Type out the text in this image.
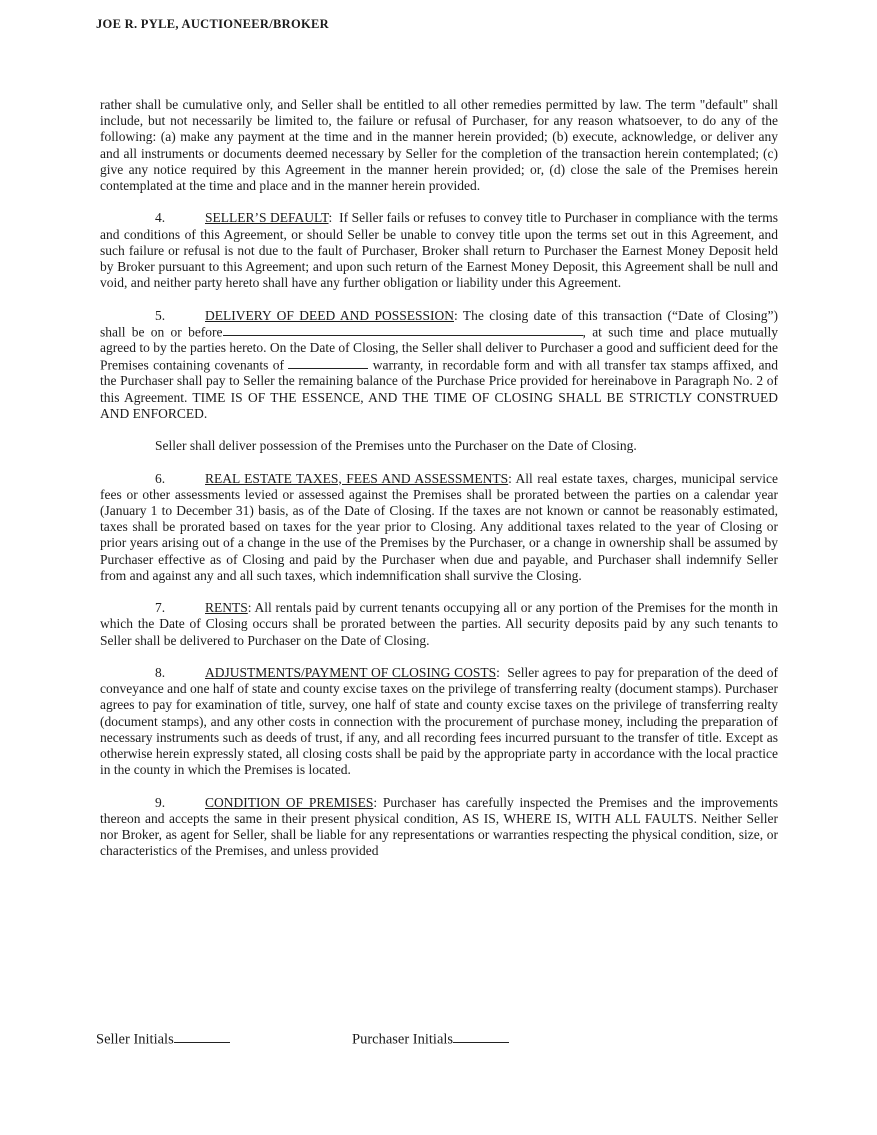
JOE R. PYLE, AUCTIONEER/BROKER

rather shall be cumulative only, and Seller shall be entitled to all other remedies permitted by law. The term "default" shall include, but not necessarily be limited to, the failure or refusal of Purchaser, for any reason whatsoever, to do any of the following: (a) make any payment at the time and in the manner herein provided; (b) execute, acknowledge, or deliver any and all instruments or documents deemed necessary by Seller for the completion of the transaction herein contemplated; (c) give any notice required by this Agreement in the manner herein provided; or, (d) close the sale of the Premises herein contemplated at the time and place and in the manner herein provided.

4.	SELLER’S DEFAULT:  If Seller fails or refuses to convey title to Purchaser in compliance with the terms and conditions of this Agreement, or should Seller be unable to convey title upon the terms set out in this Agreement, and such failure or refusal is not due to the fault of Purchaser, Broker shall return to Purchaser the Earnest Money Deposit held by Broker pursuant to this Agreement; and upon such return of the Earnest Money Deposit, this Agreement shall be null and void, and neither party hereto shall have any further obligation or liability under this Agreement.

5.	DELIVERY OF DEED AND POSSESSION: The closing date of this transaction (“Date of Closing”) shall be on or before	, at such time and place mutually agreed to by the parties hereto. On the Date of Closing, the Seller shall deliver to Purchaser a good and sufficient deed for the Premises containing covenants of	warranty, in recordable form and with all transfer tax stamps affixed, and the Purchaser shall pay to Seller the remaining balance of the Purchase Price provided for hereinabove in Paragraph No. 2 of this Agreement. TIME IS OF THE ESSENCE, AND THE TIME OF CLOSING SHALL BE STRICTLY CONSTRUED AND ENFORCED.

Seller shall deliver possession of the Premises unto the Purchaser on the Date of Closing.

6.	REAL ESTATE TAXES, FEES AND ASSESSMENTS: All real estate taxes, charges, municipal service fees or other assessments levied or assessed against the Premises shall be prorated between the parties on a calendar year (January 1 to December 31) basis, as of the Date of Closing. If the taxes are not known or cannot be reasonably estimated, taxes shall be prorated based on taxes for the year prior to Closing. Any additional taxes related to the year of Closing or prior years arising out of a change in the use of the Premises by the Purchaser, or a change in ownership shall be assumed by Purchaser effective as of Closing and paid by the Purchaser when due and payable, and Purchaser shall indemnify Seller from and against any and all such taxes, which indemnification shall survive the Closing.

7.	RENTS: All rentals paid by current tenants occupying all or any portion of the Premises for the month in which the Date of Closing occurs shall be prorated between the parties. All security deposits paid by any such tenants to Seller shall be delivered to Purchaser on the Date of Closing.

8.	ADJUSTMENTS/PAYMENT OF CLOSING COSTS:  Seller agrees to pay for preparation of the deed of conveyance and one half of state and county excise taxes on the privilege of transferring realty (document stamps). Purchaser agrees to pay for examination of title, survey, one half of state and county excise taxes on the privilege of transferring realty (document stamps), and any other costs in connection with the procurement of purchase money, including the preparation of necessary instruments such as deeds of trust, if any, and all recording fees incurred pursuant to the transfer of title. Except as otherwise herein expressly stated, all closing costs shall be paid by the appropriate party in accordance with the local practice in the county in which the Premises is located.

9.	CONDITION OF PREMISES: Purchaser has carefully inspected the Premises and the improvements thereon and accepts the same in their present physical condition, AS IS, WHERE IS, WITH ALL FAULTS. Neither Seller nor Broker, as agent for Seller, shall be liable for any representations or warranties respecting the physical condition, size, or characteristics of the Premises, and unless provided

Seller Initials	Purchaser Initials
